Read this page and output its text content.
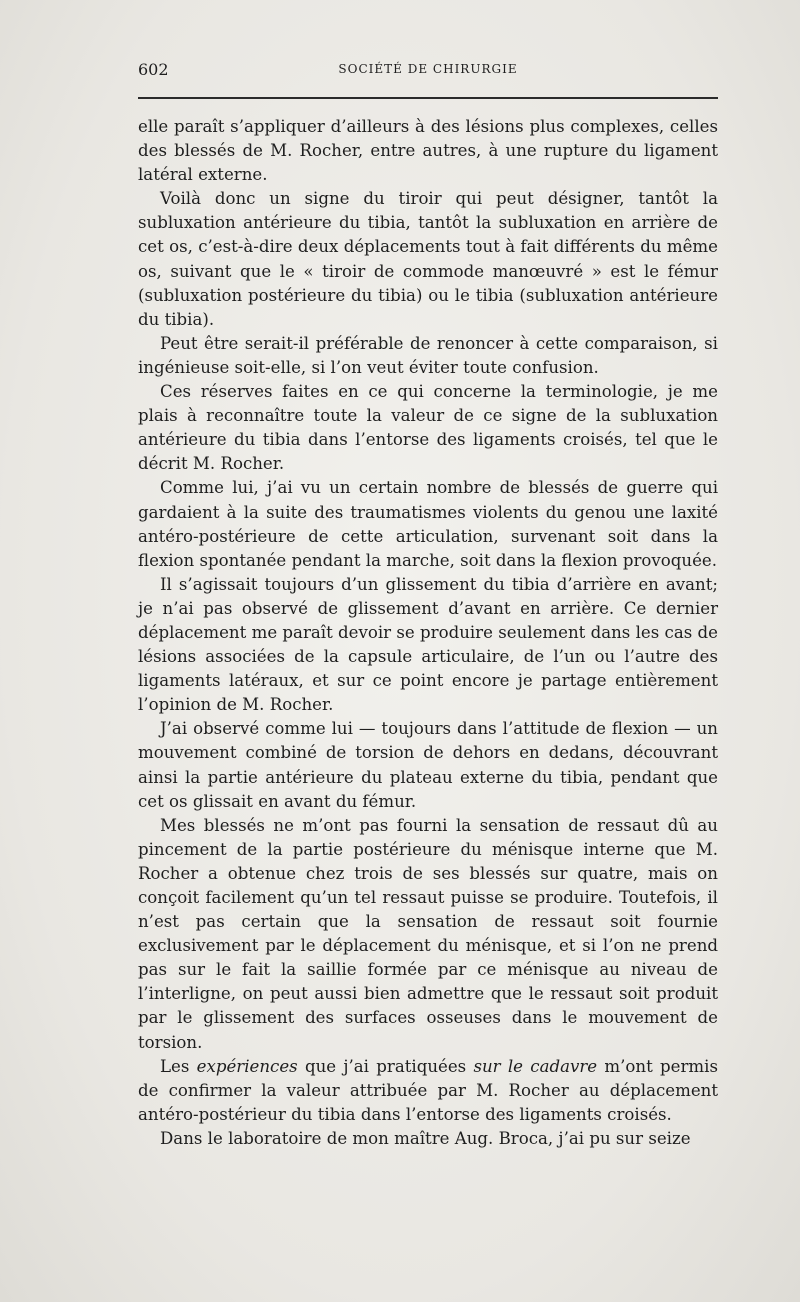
602	SOCIÉTÉ DE CHIRURGIE

elle paraît s’appliquer d’ailleurs à des lésions plus complexes, celles des blessés de M. Rocher, entre autres, à une rupture du ligament latéral externe.

Voilà donc un signe du tiroir qui peut désigner, tantôt la subluxation antérieure du tibia, tantôt la subluxation en arrière de cet os, c’est-à-dire deux déplacements tout à fait différents du même os, suivant que le « tiroir de commode manœuvré » est le fémur (subluxation postérieure du tibia) ou le tibia (subluxation antérieure du tibia).

Peut être serait-il préférable de renoncer à cette comparaison, si ingénieuse soit-elle, si l’on veut éviter toute confusion.

Ces réserves faites en ce qui concerne la terminologie, je me plais à reconnaître toute la valeur de ce signe de la subluxation antérieure du tibia dans l’entorse des ligaments croisés, tel que le décrit M. Rocher.

Comme lui, j’ai vu un certain nombre de blessés de guerre qui gardaient à la suite des traumatismes violents du genou une laxité antéro-postérieure de cette articulation, survenant soit dans la flexion spontanée pendant la marche, soit dans la flexion provoquée.

Il s’agissait toujours d’un glissement du tibia d’arrière en avant; je n’ai pas observé de glissement d’avant en arrière. Ce dernier déplacement me paraît devoir se produire seulement dans les cas de lésions associées de la capsule articulaire, de l’un ou l’autre des ligaments latéraux, et sur ce point encore je partage entièrement l’opinion de M. Rocher.

J’ai observé comme lui — toujours dans l’attitude de flexion — un mouvement combiné de torsion de dehors en dedans, découvrant ainsi la partie antérieure du plateau externe du tibia, pendant que cet os glissait en avant du fémur.

Mes blessés ne m’ont pas fourni la sensation de ressaut dû au pincement de la partie postérieure du ménisque interne que M. Rocher a obtenue chez trois de ses blessés sur quatre, mais on conçoit facilement qu’un tel ressaut puisse se produire. Toutefois, il n’est pas certain que la sensation de ressaut soit fournie exclusivement par le déplacement du ménisque, et si l’on ne prend pas sur le fait la saillie formée par ce ménisque au niveau de l’interligne, on peut aussi bien admettre que le ressaut soit produit par le glissement des surfaces osseuses dans le mouvement de torsion.

Les expériences que j’ai pratiquées sur le cadavre m’ont permis de confirmer la valeur attribuée par M. Rocher au déplacement antéro-postérieur du tibia dans l’entorse des ligaments croisés.

Dans le laboratoire de mon maître Aug. Broca, j’ai pu sur seize
